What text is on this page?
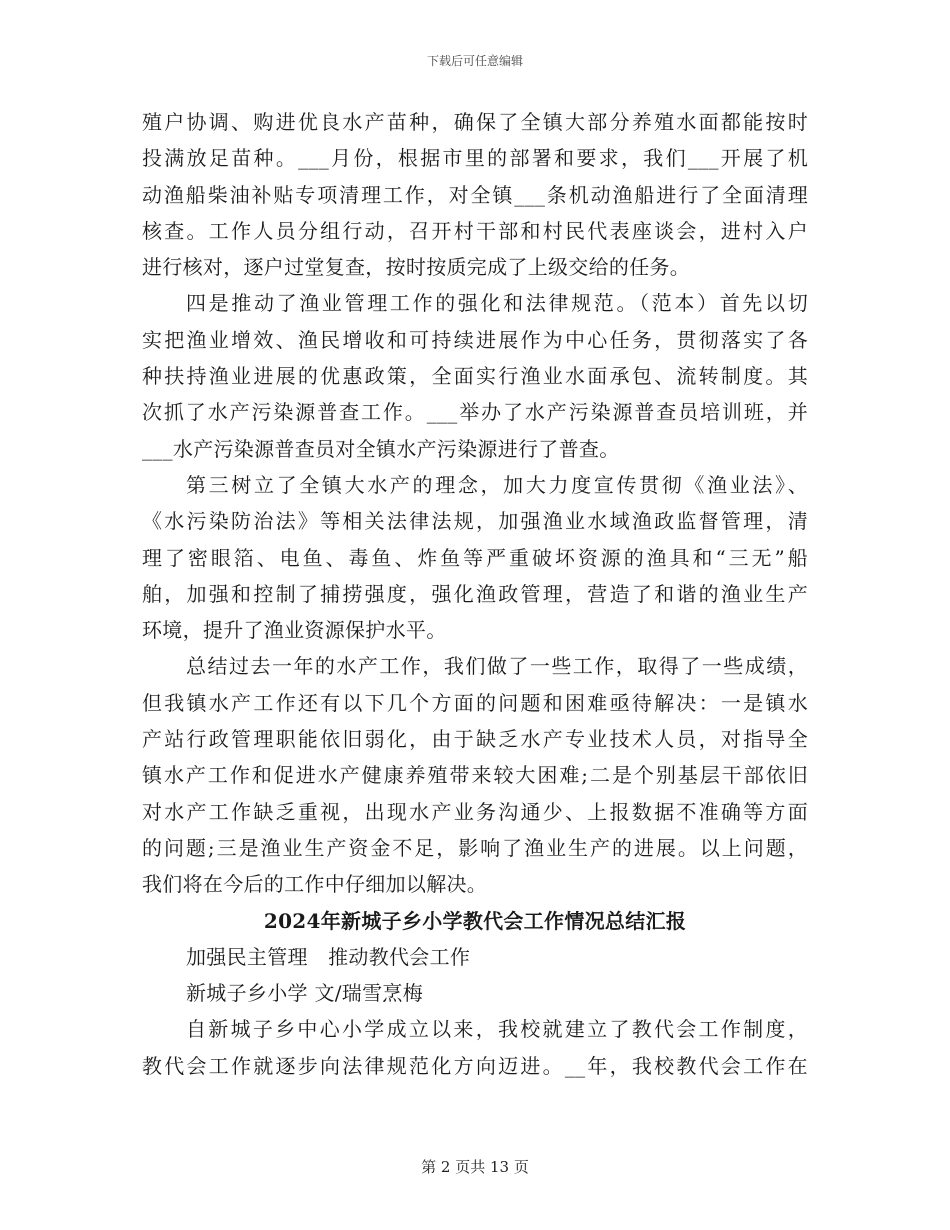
下载后可任意编辑
殖户协调、购进优良水产苗种，确保了全镇大部分养殖水面都能按时
投满放足苗种。___月份，根据市里的部署和要求，我们___开展了机
动渔船柴油补贴专项清理工作，对全镇___条机动渔船进行了全面清理
核查。工作人员分组行动，召开村干部和村民代表座谈会，进村入户
进行核对，逐户过堂复查，按时按质完成了上级交给的任务。
四是推动了渔业管理工作的强化和法律规范。（范本）首先以切
实把渔业增效、渔民增收和可持续进展作为中心任务，贯彻落实了各
种扶持渔业进展的优惠政策，全面实行渔业水面承包、流转制度。其
次抓了水产污染源普查工作。___举办了水产污染源普查员培训班，并
___水产污染源普查员对全镇水产污染源进行了普查。
第三树立了全镇大水产的理念，加大力度宣传贯彻《渔业法》、
《水污染防治法》等相关法律法规，加强渔业水域渔政监督管理，清
理了密眼箔、电鱼、毒鱼、炸鱼等严重破坏资源的渔具和“三无”船
舶，加强和控制了捕捞强度，强化渔政管理，营造了和谐的渔业生产
环境，提升了渔业资源保护水平。
总结过去一年的水产工作，我们做了一些工作，取得了一些成绩，
但我镇水产工作还有以下几个方面的问题和困难亟待解决：一是镇水
产站行政管理职能依旧弱化，由于缺乏水产专业技术人员，对指导全
镇水产工作和促进水产健康养殖带来较大困难;二是个别基层干部依旧
对水产工作缺乏重视，出现水产业务沟通少、上报数据不准确等方面
的问题;三是渔业生产资金不足，影响了渔业生产的进展。以上问题，
我们将在今后的工作中仔细加以解决。
2024年新城子乡小学教代会工作情况总结汇报
加强民主管理　推动教代会工作
新城子乡小学 文/瑞雪烹梅
自新城子乡中心小学成立以来，我校就建立了教代会工作制度，
教代会工作就逐步向法律规范化方向迈进。__年，我校教代会工作在
第 2 页共 13 页
